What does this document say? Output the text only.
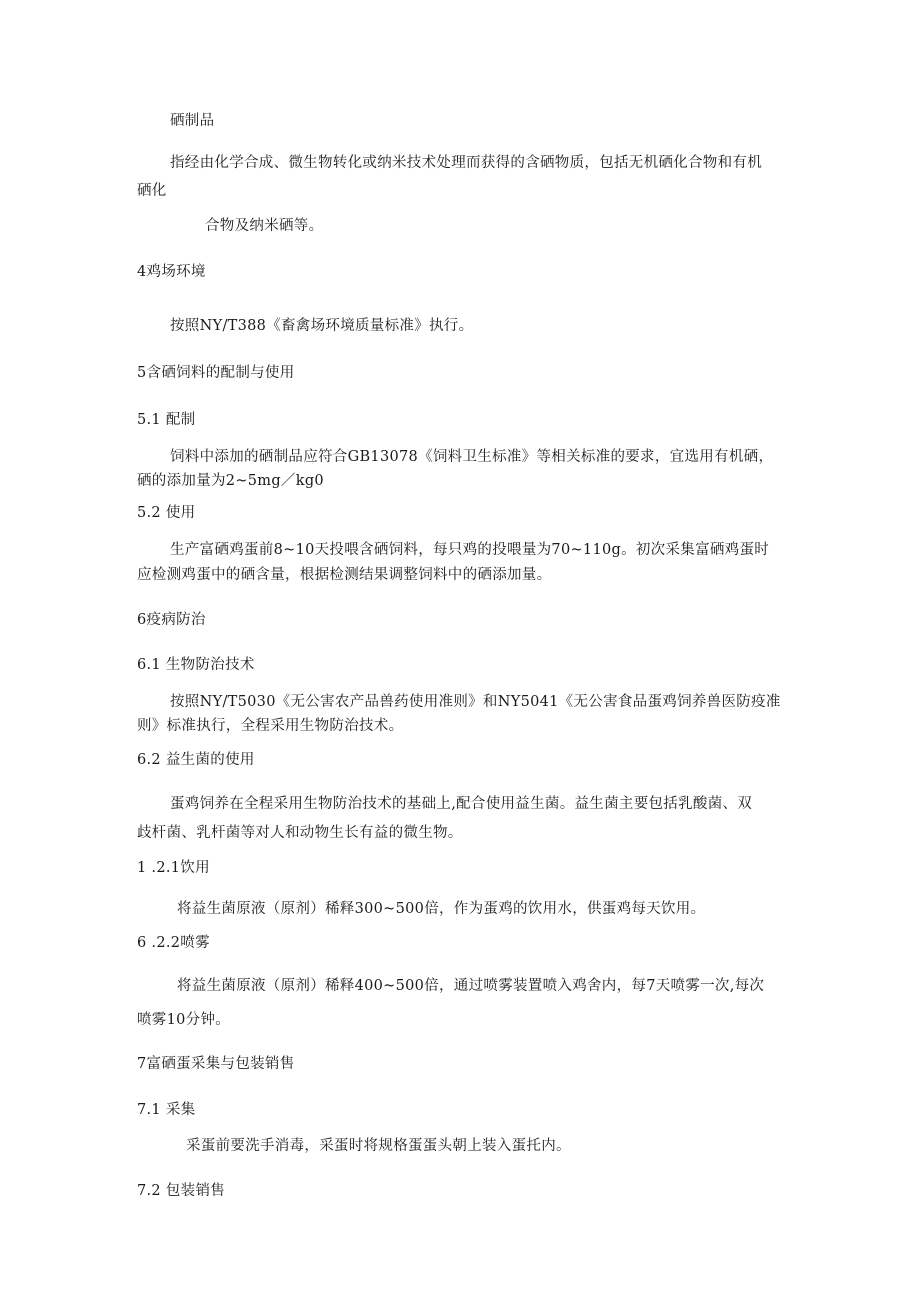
硒制品

指经由化学合成、微生物转化或纳米技术处理而获得的含硒物质，包括无机硒化合物和有机

硒化

合物及纳米硒等。

4鸡场环境

按照NY/T388《畜禽场环境质量标准》执行。

5含硒饲料的配制与使用

5.1 配制

饲料中添加的硒制品应符合GB13078《饲料卫生标准》等相关标准的要求，宜选用有机硒，

硒的添加量为2~5mg／kg0

5.2 使用

生产富硒鸡蛋前8~10天投喂含硒饲料，每只鸡的投喂量为70~110g。初次采集富硒鸡蛋时

应检测鸡蛋中的硒含量，根据检测结果调整饲料中的硒添加量。

6疫病防治

6.1 生物防治技术

按照NY/T5030《无公害农产品兽药使用准则》和NY5041《无公害食品蛋鸡饲养兽医防疫准

则》标准执行，全程采用生物防治技术。

6.2 益生菌的使用

蛋鸡饲养在全程采用生物防治技术的基础上,配合使用益生菌。益生菌主要包括乳酸菌、双

歧杆菌、乳杆菌等对人和动物生长有益的微生物。

1 .2.1饮用

将益生菌原液（原剂）稀释300~500倍，作为蛋鸡的饮用水，供蛋鸡每天饮用。

6 .2.2喷雾

将益生菌原液（原剂）稀释400~500倍，通过喷雾装置喷入鸡舍内，每7天喷雾一次,每次

喷雾10分钟。

7富硒蛋采集与包装销售

7.1 采集

采蛋前要洗手消毒，采蛋时将规格蛋蛋头朝上装入蛋托内。

7.2 包装销售
